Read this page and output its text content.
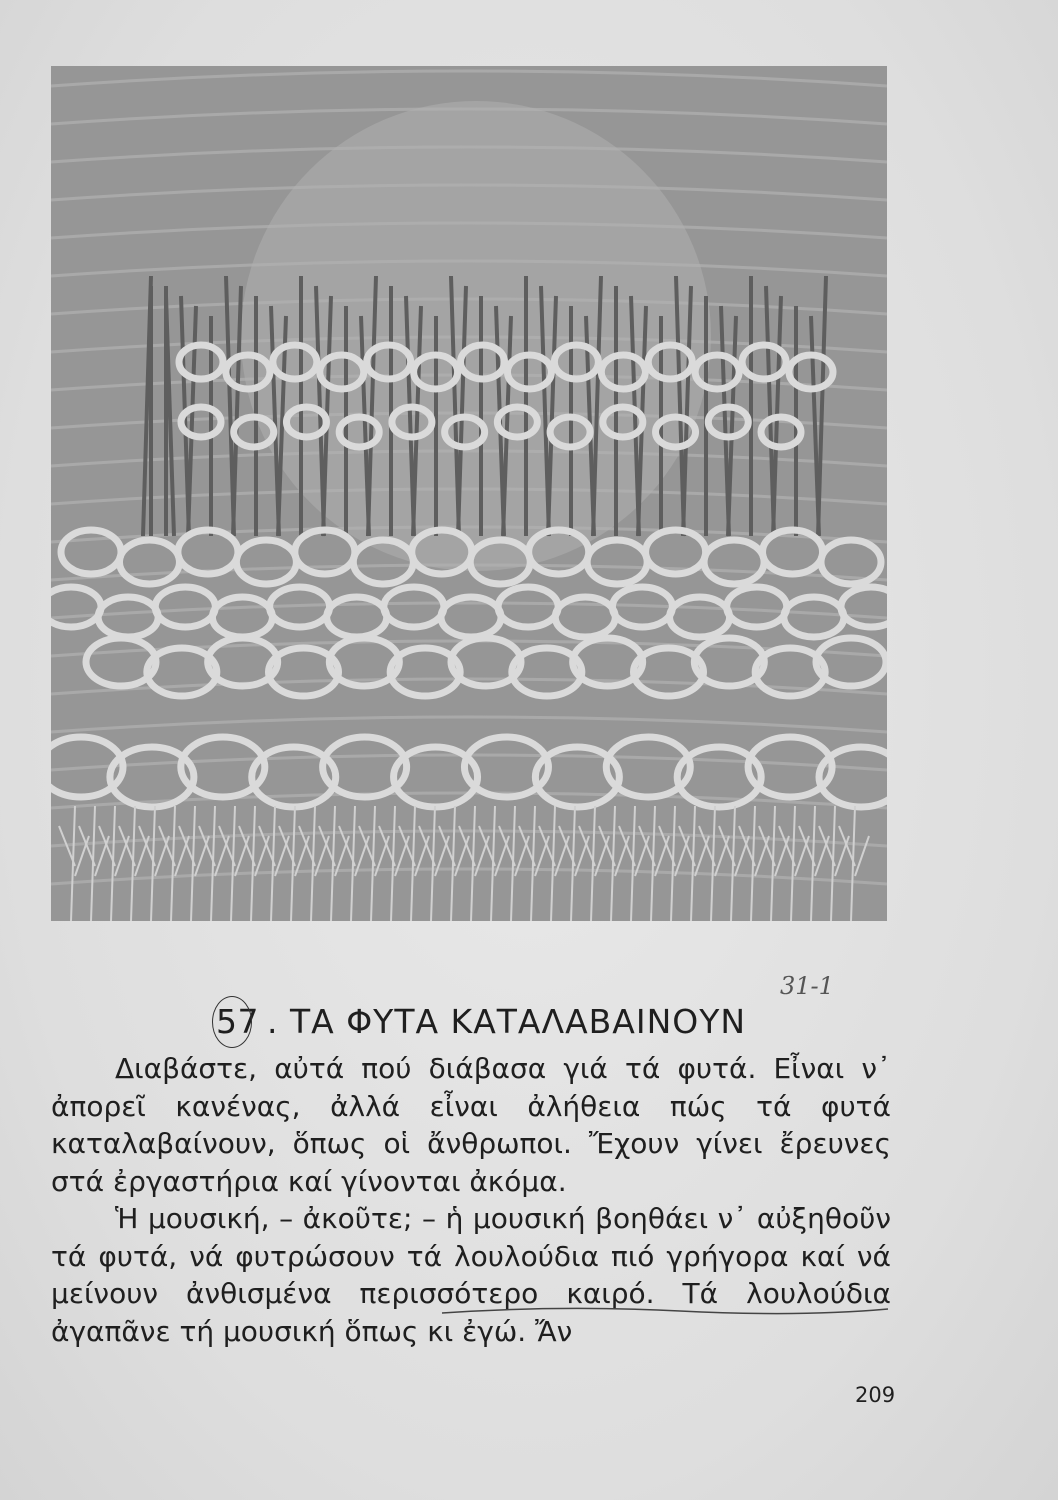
57 . ΤΑ ΦΥΤΑ ΚΑΤΑΛΑΒΑΙΝΟΥΝ
31-1

Διαβάστε, αὐτά πού διάβασα γιά τά φυτά. Εἶναι ν᾽ ἀπορεῖ κανένας, ἀλλά εἶναι ἀλήθεια πώς τά φυτά καταλαβαίνουν, ὅπως οἱ ἄνθρωποι. Ἔχουν γίνει ἔρευνες στά ἐργαστήρια καί γίνονται ἀκόμα.

Ἡ μουσική, – ἀκοῦτε; – ἡ μουσική βοηθάει ν᾽ αὐξηθοῦν τά φυτά, νά φυτρώσουν τά λουλούδια πιό γρήγορα καί νά μείνουν ἀνθισμένα περισσότερο καιρό. Τά λουλούδια ἀγαπᾶνε τή μουσική ὅπως κι ἐγώ. Ἄν

209
